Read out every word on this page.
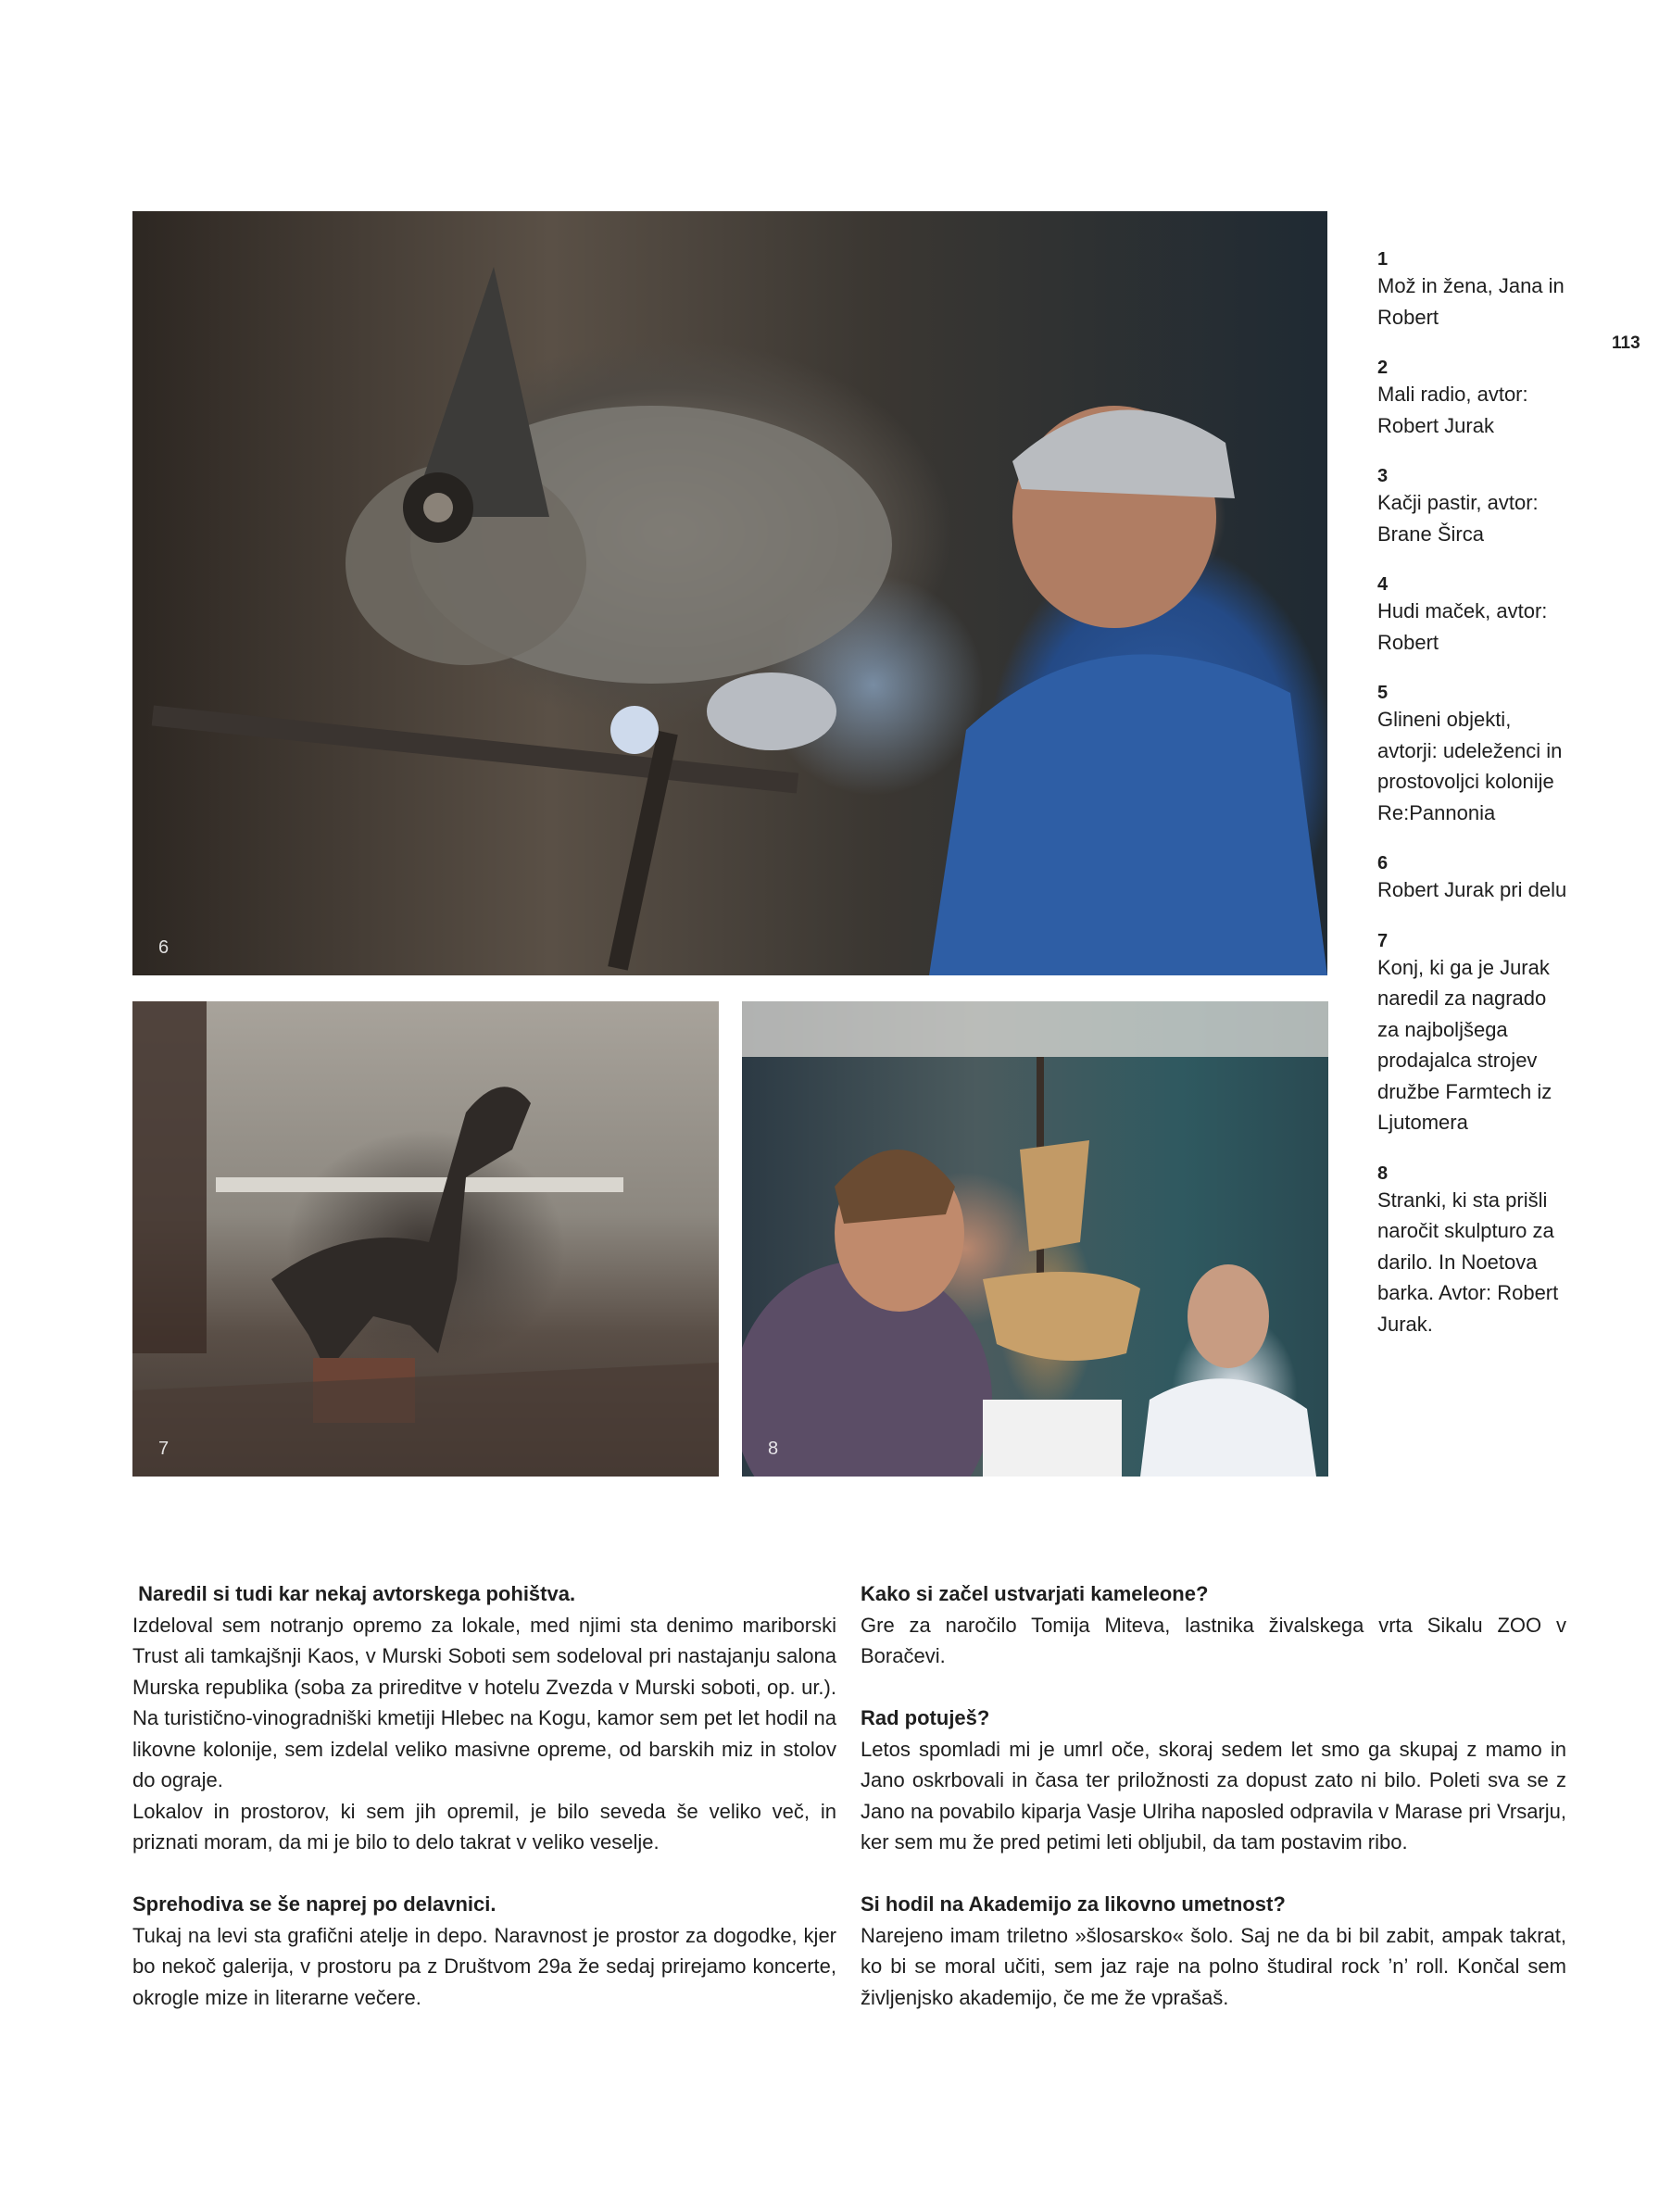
6
7	8
113
1
Mož in žena, Jana in Robert
2
Mali radio, avtor: Robert Jurak
3
Kačji pastir, avtor: Brane Širca
4
Hudi maček, avtor: Robert
5
Glineni objekti, avtorji: udeleženci in prostovoljci kolonije Re:Pannonia
6
Robert Jurak pri delu
7
Konj, ki ga je Jurak naredil za nagrado za najboljšega prodajalca strojev družbe Farmtech iz Ljutomera
8
Stranki, ki sta prišli naročit skulpturo za darilo. In Noetova barka. Avtor: Robert Jurak.
Naredil si tudi kar nekaj avtorskega pohištva.
Izdeloval sem notranjo opremo za lokale, med njimi sta denimo mariborski Trust ali tamkajšnji Kaos, v Murski Soboti sem sodeloval pri nastajanju salona Murska republika (soba za prireditve v hotelu Zvezda v Murski soboti, op. ur.). Na turistično-vinogradniški kmetiji Hlebec na Kogu, kamor sem pet let hodil na likovne kolonije, sem izdelal veliko masivne opreme, od barskih miz in stolov do ograje.
Lokalov in prostorov, ki sem jih opremil, je bilo seveda še veliko več, in priznati moram, da mi je bilo to delo takrat v veliko veselje.
Sprehodiva se še naprej po delavnici.
Tukaj na levi sta grafični atelje in depo. Naravnost je prostor za dogodke, kjer bo nekoč galerija, v prostoru pa z Društvom 29a že sedaj prirejamo koncerte, okrogle mize in literarne večere.
Kako si začel ustvarjati kameleone?
Gre za naročilo Tomija Miteva, lastnika živalskega vrta Sikalu ZOO v Boračevi.
Rad potuješ?
Letos spomladi mi je umrl oče, skoraj sedem let smo ga skupaj z mamo in Jano oskrbovali in časa ter priložnosti za dopust zato ni bilo. Poleti sva se z Jano na povabilo kiparja Vasje Ulriha naposled odpravila v Marase pri Vrsarju, ker sem mu že pred petimi leti obljubil, da tam postavim ribo.
Si hodil na Akademijo za likovno umetnost?
Narejeno imam triletno »šlosarsko« šolo. Saj ne da bi bil zabit, ampak takrat, ko bi se moral učiti, sem jaz raje na polno študiral rock ’n’ roll. Končal sem življenjsko akademijo, če me že vprašaš.
